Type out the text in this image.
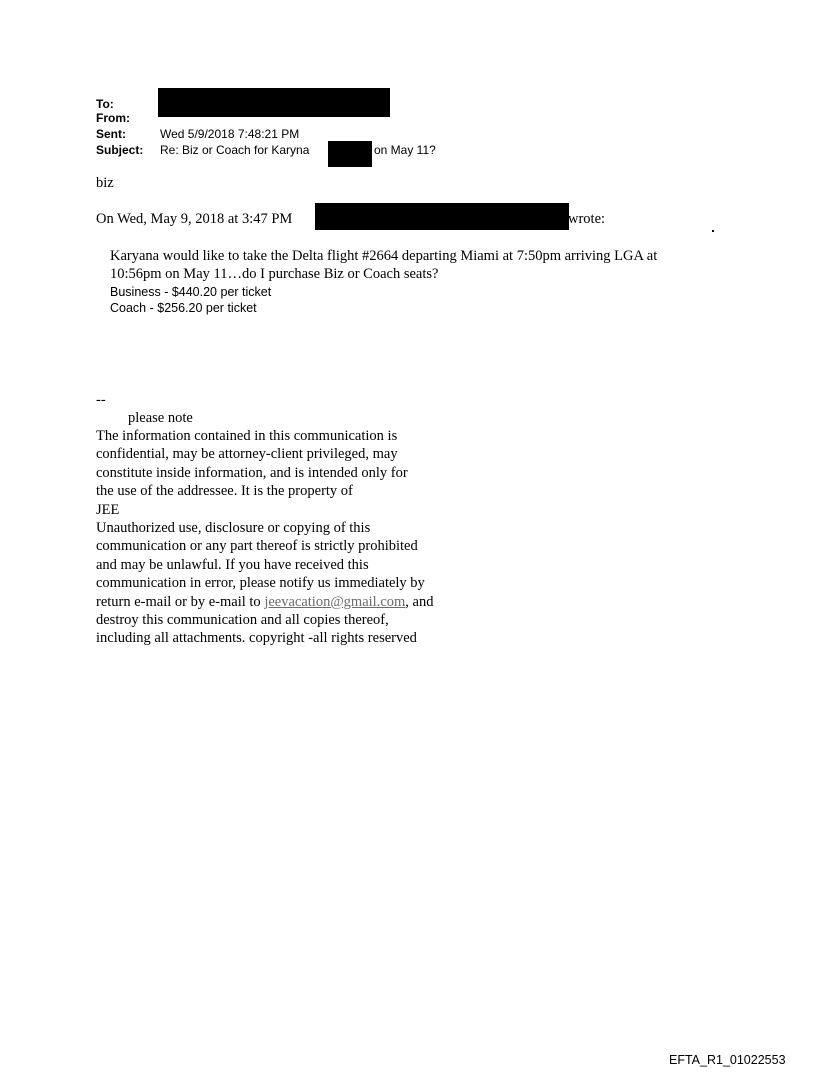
To:
From:
jeffrey E.
Sent:	Wed 5/9/2018 7:48:21 PM
Subject: Re: Biz or Coach for Karyna	on May 11?
biz
On Wed, May 9, 2018 at 3:47 PM	wrote:
Karyana would like to take the Delta flight #2664 departing Miami at 7:50pm arriving LGA at
10:56pm on May 11…do I purchase Biz or Coach seats?
Business - $440.20 per ticket
Coach - $256.20 per ticket
--
please note
The information contained in this communication is
confidential, may be attorney-client privileged, may
constitute inside information, and is intended only for
the use of the addressee. It is the property of
JEE
Unauthorized use, disclosure or copying of this
communication or any part thereof is strictly prohibited
and may be unlawful. If you have received this
communication in error, please notify us immediately by
return e-mail or by e-mail to jeevacation@gmail.com, and
destroy this communication and all copies thereof,
including all attachments. copyright -all rights reserved
EFTA_R1_01022553
